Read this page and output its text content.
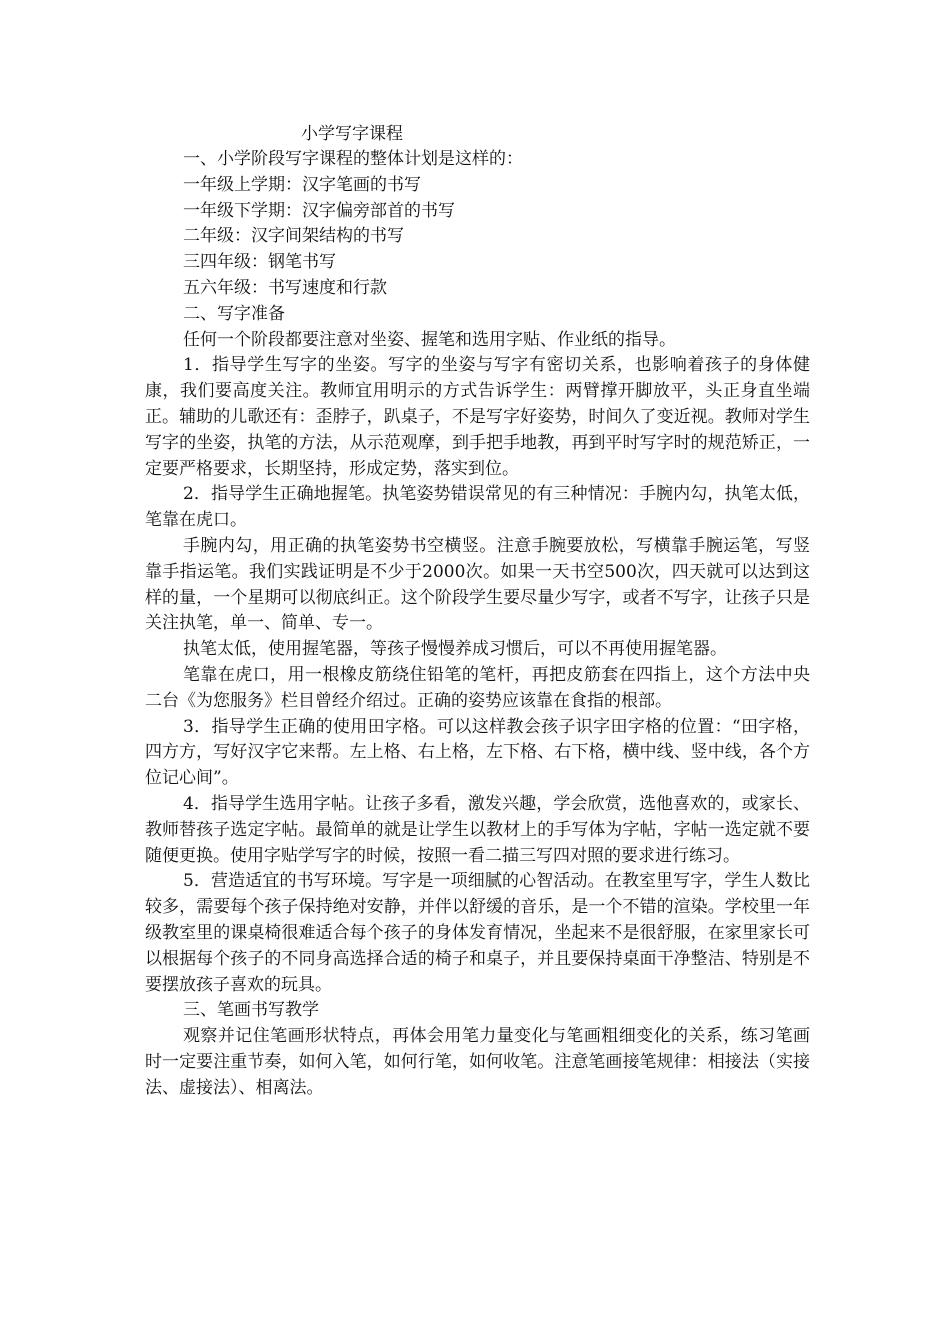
小学写字课程

一、小学阶段写字课程的整体计划是这样的：

一年级上学期：汉字笔画的书写

一年级下学期：汉字偏旁部首的书写

二年级：汉字间架结构的书写

三四年级：钢笔书写

五六年级：书写速度和行款

二、写字准备

任何一个阶段都要注意对坐姿、握笔和选用字贴、作业纸的指导。

1．指导学生写字的坐姿。写字的坐姿与写字有密切关系，也影响着孩子的身体健康，我们要高度关注。教师宜用明示的方式告诉学生：两臂撑开脚放平，头正身直坐端正。辅助的儿歌还有：歪脖子，趴桌子，不是写字好姿势，时间久了变近视。教师对学生写字的坐姿，执笔的方法，从示范观摩，到手把手地教，再到平时写字时的规范矫正，一定要严格要求，长期坚持，形成定势，落实到位。

2．指导学生正确地握笔。执笔姿势错误常见的有三种情况：手腕内勾，执笔太低，笔靠在虎口。

手腕内勾，用正确的执笔姿势书空横竖。注意手腕要放松，写横靠手腕运笔，写竖靠手指运笔。我们实践证明是不少于2000次。如果一天书空500次，四天就可以达到这样的量，一个星期可以彻底纠正。这个阶段学生要尽量少写字，或者不写字，让孩子只是关注执笔，单一、简单、专一。

执笔太低，使用握笔器，等孩子慢慢养成习惯后，可以不再使用握笔器。

笔靠在虎口，用一根橡皮筋绕住铅笔的笔杆，再把皮筋套在四指上，这个方法中央二台《为您服务》栏目曾经介绍过。正确的姿势应该靠在食指的根部。

3．指导学生正确的使用田字格。可以这样教会孩子识字田字格的位置：“田字格，四方方，写好汉字它来帮。左上格、右上格，左下格、右下格，横中线、竖中线，各个方位记心间”。

4．指导学生选用字帖。让孩子多看，激发兴趣，学会欣赏，选他喜欢的，或家长、教师替孩子选定字帖。最简单的就是让学生以教材上的手写体为字帖，字帖一选定就不要随便更换。使用字贴学写字的时候，按照一看二描三写四对照的要求进行练习。

5．营造适宜的书写环境。写字是一项细腻的心智活动。在教室里写字，学生人数比较多，需要每个孩子保持绝对安静，并伴以舒缓的音乐，是一个不错的渲染。学校里一年级教室里的课桌椅很难适合每个孩子的身体发育情况，坐起来不是很舒服，在家里家长可以根据每个孩子的不同身高选择合适的椅子和桌子，并且要保持桌面干净整洁、特别是不要摆放孩子喜欢的玩具。

三、笔画书写教学

观察并记住笔画形状特点，再体会用笔力量变化与笔画粗细变化的关系，练习笔画时一定要注重节奏，如何入笔，如何行笔，如何收笔。注意笔画接笔规律：相接法（实接法、虚接法）、相离法。
